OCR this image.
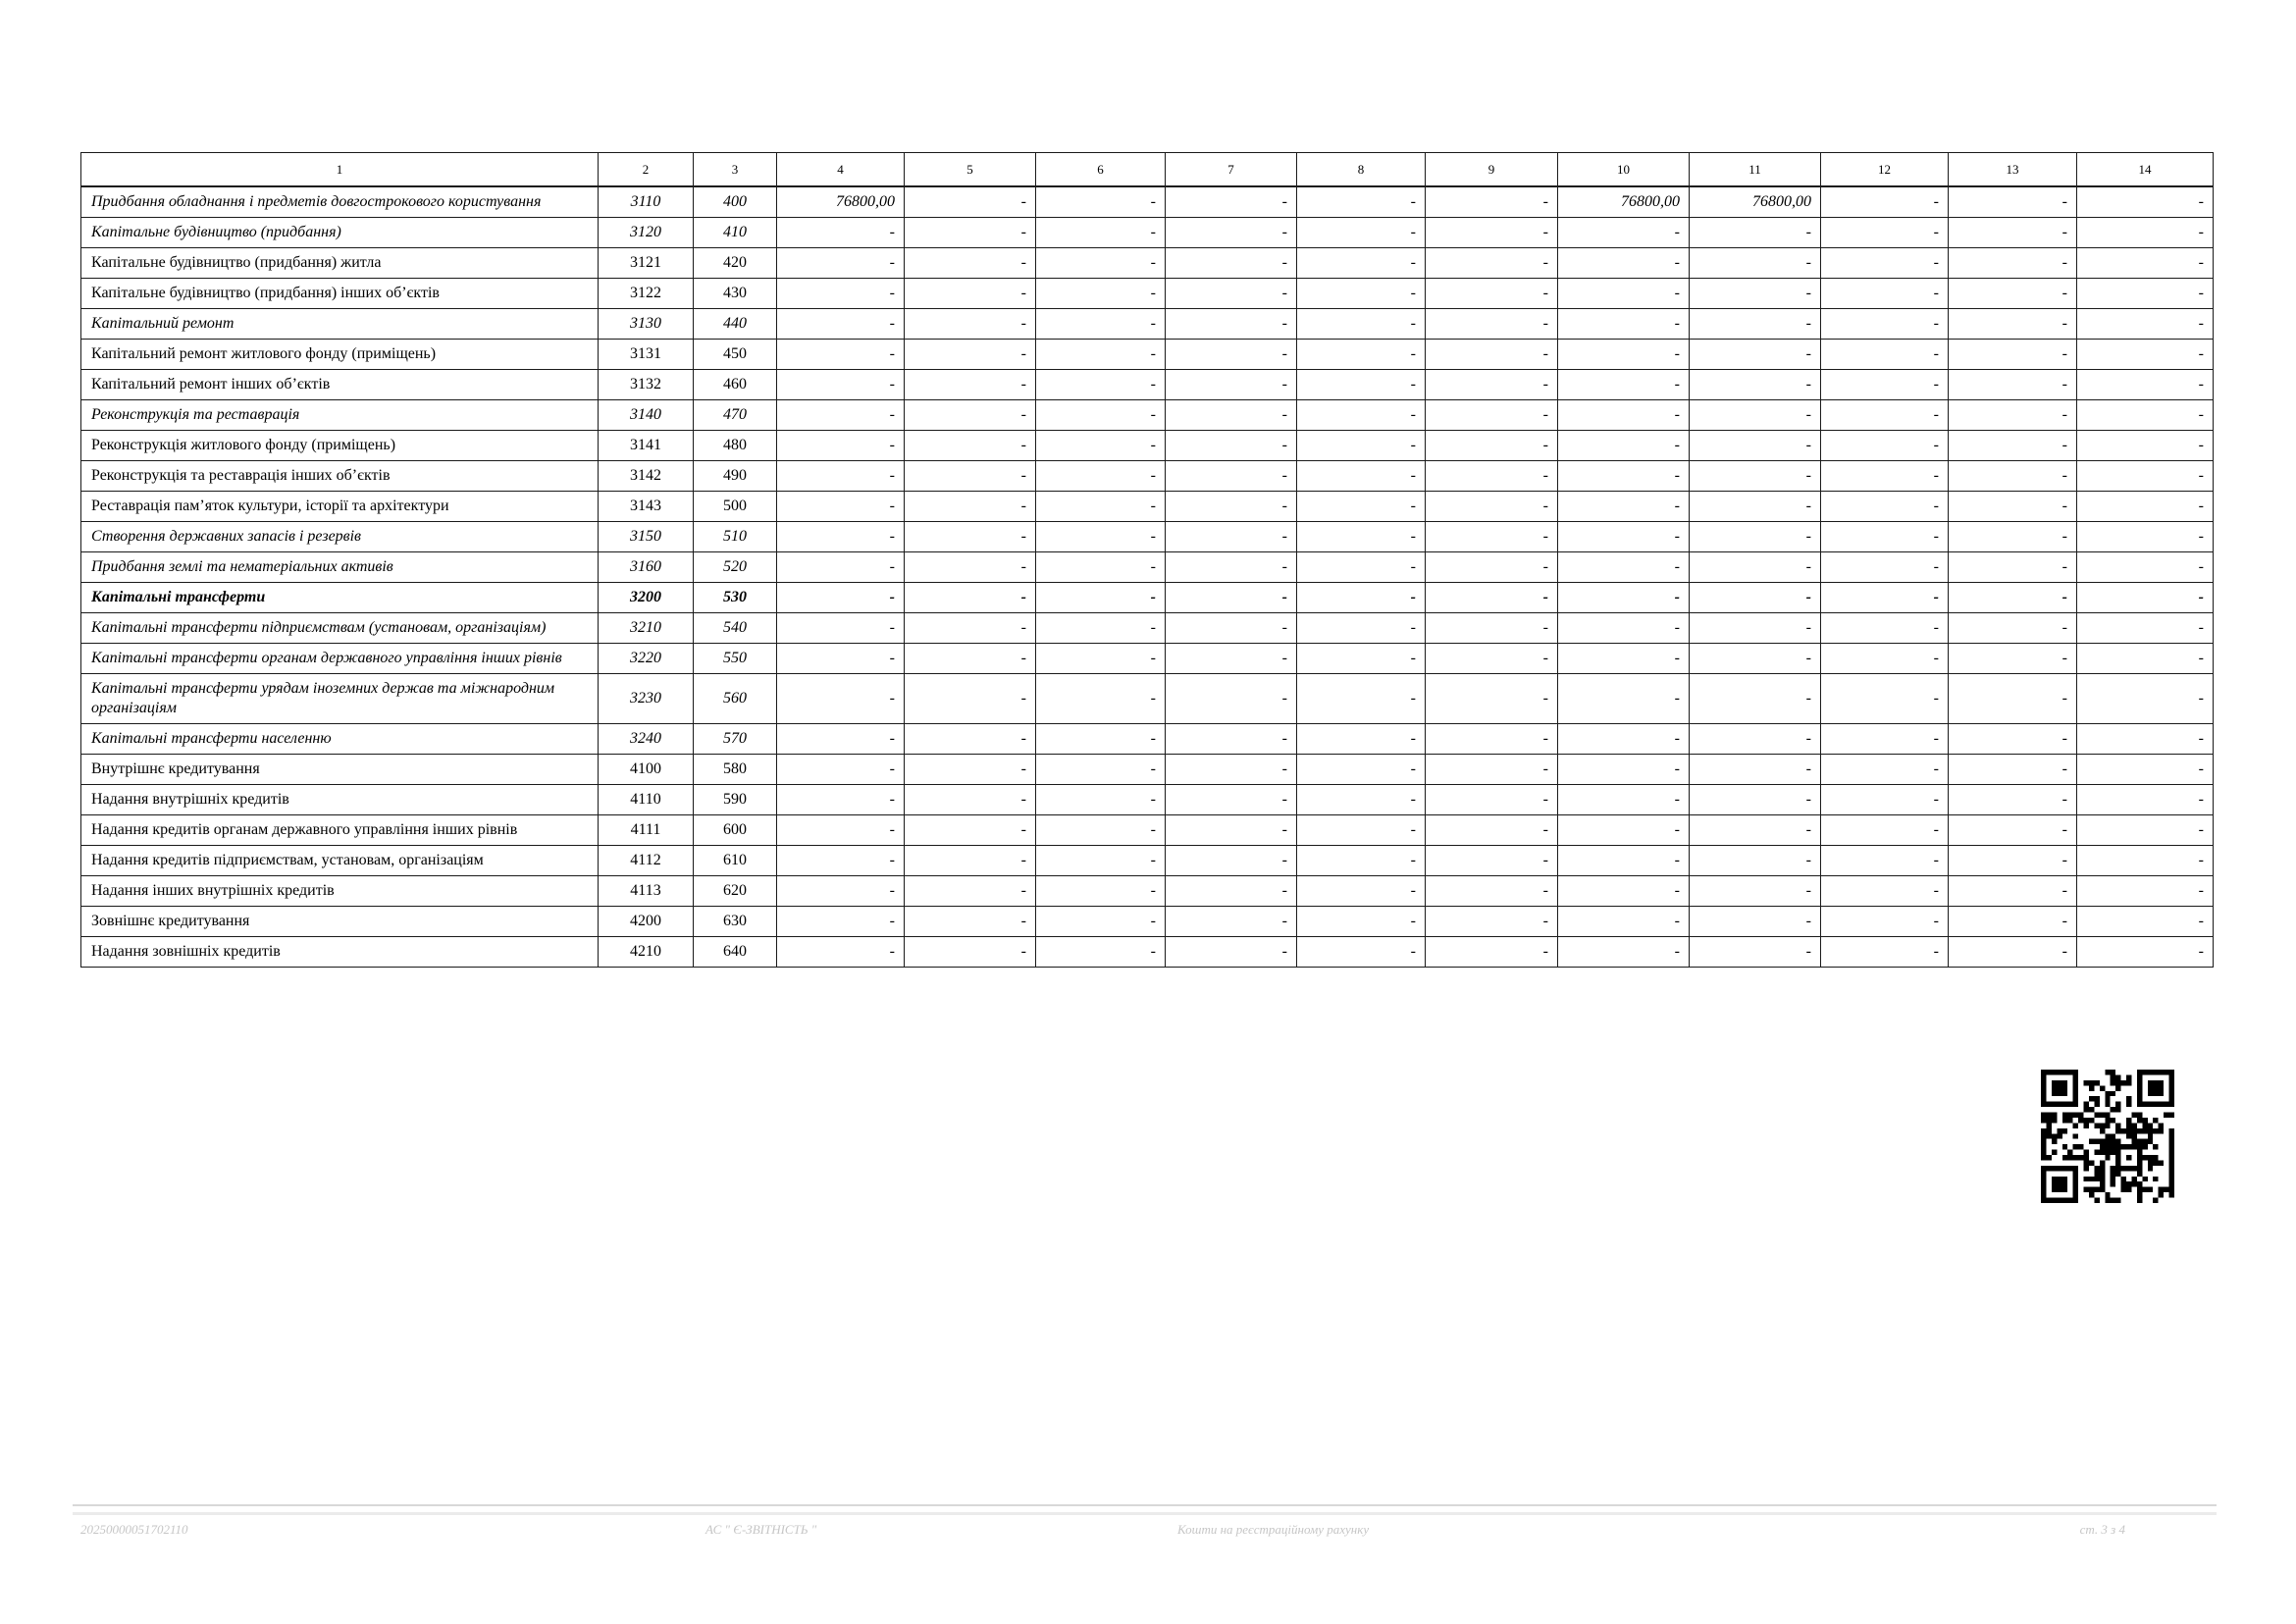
1	2	3	4	5	6	7	8	9	10	11	12	13	14
Придбання обладнання і предметів довгострокового користування	3110	400	76800,00	-	-	-	-	-	76800,00	76800,00	-	-	-
Капітальне будівництво (придбання)	3120	410	-	-	-	-	-	-	-	-	-	-	-
Капітальне будівництво (придбання) житла	3121	420	-	-	-	-	-	-	-	-	-	-	-
Капітальне будівництво (придбання) інших об’єктів	3122	430	-	-	-	-	-	-	-	-	-	-	-
Капітальний ремонт	3130	440	-	-	-	-	-	-	-	-	-	-	-
Капітальний ремонт житлового фонду (приміщень)	3131	450	-	-	-	-	-	-	-	-	-	-	-
Капітальний ремонт інших об’єктів	3132	460	-	-	-	-	-	-	-	-	-	-	-
Реконструкція та реставрація	3140	470	-	-	-	-	-	-	-	-	-	-	-
Реконструкція житлового фонду (приміщень)	3141	480	-	-	-	-	-	-	-	-	-	-	-
Реконструкція та реставрація інших об’єктів	3142	490	-	-	-	-	-	-	-	-	-	-	-
Реставрація пам’яток культури, історії та архітектури	3143	500	-	-	-	-	-	-	-	-	-	-	-
Створення державних запасів і резервів	3150	510	-	-	-	-	-	-	-	-	-	-	-
Придбання землі та нематеріальних активів	3160	520	-	-	-	-	-	-	-	-	-	-	-
Капітальні трансферти	3200	530	-	-	-	-	-	-	-	-	-	-	-
Капітальні трансферти підприємствам (установам, організаціям)	3210	540	-	-	-	-	-	-	-	-	-	-	-
Капітальні трансферти органам державного управління інших рівнів	3220	550	-	-	-	-	-	-	-	-	-	-	-
Капітальні трансферти урядам іноземних держав та міжнародним організаціям	3230	560	-	-	-	-	-	-	-	-	-	-	-
Капітальні трансферти населенню	3240	570	-	-	-	-	-	-	-	-	-	-	-
Внутрішнє кредитування	4100	580	-	-	-	-	-	-	-	-	-	-	-
Надання внутрішніх кредитів	4110	590	-	-	-	-	-	-	-	-	-	-	-
Надання кредитів органам державного управління інших рівнів	4111	600	-	-	-	-	-	-	-	-	-	-	-
Надання кредитів підприємствам, установам, організаціям	4112	610	-	-	-	-	-	-	-	-	-	-	-
Надання інших внутрішніх кредитів	4113	620	-	-	-	-	-	-	-	-	-	-	-
Зовнішнє кредитування	4200	630	-	-	-	-	-	-	-	-	-	-	-
Надання зовнішніх кредитів	4210	640	-	-	-	-	-	-	-	-	-	-	-
20250000051702110	АС " Є-ЗВІТНІСТЬ "	Кошти на реєстраційному рахунку	ст. 3 з 4
